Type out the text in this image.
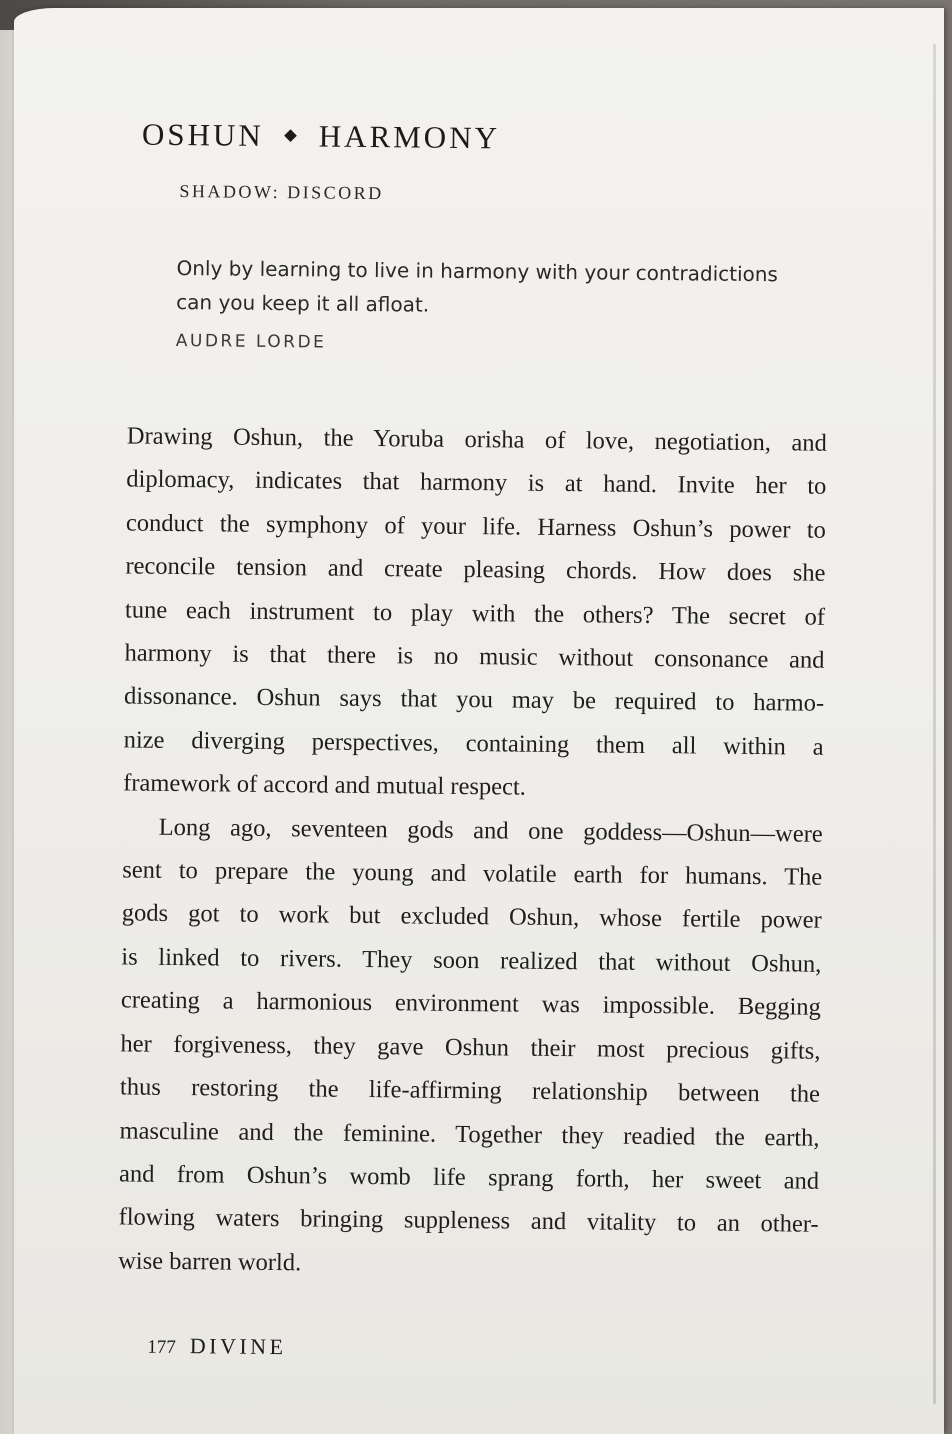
OSHUN HARMONY
SHADOW: DISCORD

Only by learning to live in harmony with your contradictions
can you keep it all afloat.

AUDRE LORDE
Drawing Oshun, the Yoruba orisha of love, negotiation, and
diplomacy, indicates that harmony is at hand. Invite her to
conduct the symphony of your life. Harness Oshun’s power to
reconcile tension and create pleasing chords. How does she
tune each instrument to play with the others? The secret of
harmony is that there is no music without consonance and
dissonance. Oshun says that you may be required to harmo-
nize diverging perspectives, containing them all within a
framework of accord and mutual respect.
Long ago, seventeen gods and one goddess—Oshun—were
sent to prepare the young and volatile earth for humans. The
gods got to work but excluded Oshun, whose fertile power
is linked to rivers. They soon realized that without Oshun,
creating a harmonious environment was impossible. Begging
her forgiveness, they gave Oshun their most precious gifts,
thus restoring the life-affirming relationship between the
masculine and the feminine. Together they readied the earth,
and from Oshun’s womb life sprang forth, her sweet and
flowing waters bringing suppleness and vitality to an other-
wise barren world.
177 DIVINE
